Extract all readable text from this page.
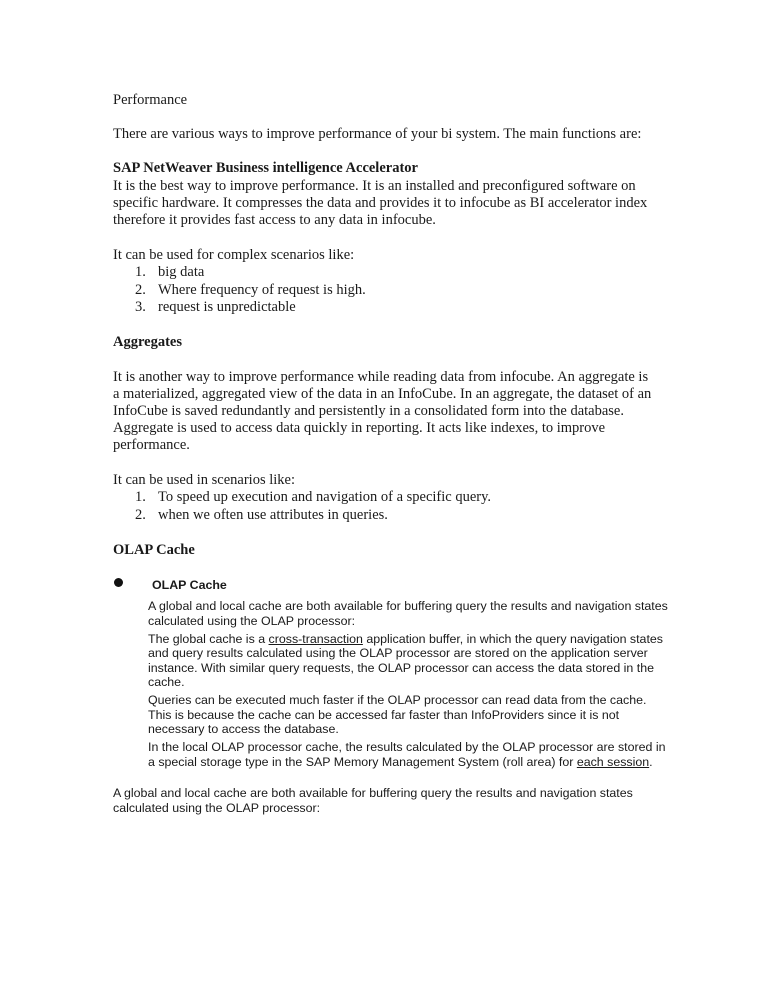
Performance

There are various ways to improve performance of your bi system. The main functions are:

SAP NetWeaver Business intelligence Accelerator

It is the best way to improve performance. It is an installed and preconfigured software on specific hardware. It compresses the data and provides it to infocube as BI accelerator index therefore it provides fast access to any data in infocube.

It can be used for complex scenarios like:

1. big data
2. Where frequency of request is high.
3. request is unpredictable

Aggregates

It is another way to improve performance while reading data from infocube. An aggregate is a materialized, aggregated view of the data in an InfoCube. In an aggregate, the dataset of an InfoCube is saved redundantly and persistently in a consolidated form into the database. Aggregate is used to access data quickly in reporting. It acts like indexes, to improve performance.

It can be used in scenarios like:

1. To speed up execution and navigation of a specific query.
2. when we often use attributes in queries.

OLAP Cache

OLAP Cache

A global and local cache are both available for buffering query the results and navigation states calculated using the OLAP processor:

The global cache is a cross-transaction application buffer, in which the query navigation states and query results calculated using the OLAP processor are stored on the application server instance. With similar query requests, the OLAP processor can access the data stored in the cache.

Queries can be executed much faster if the OLAP processor can read data from the cache. This is because the cache can be accessed far faster than InfoProviders since it is not necessary to access the database.

In the local OLAP processor cache, the results calculated by the OLAP processor are stored in a special storage type in the SAP Memory Management System (roll area) for each session.

A global and local cache are both available for buffering query the results and navigation states calculated using the OLAP processor:
